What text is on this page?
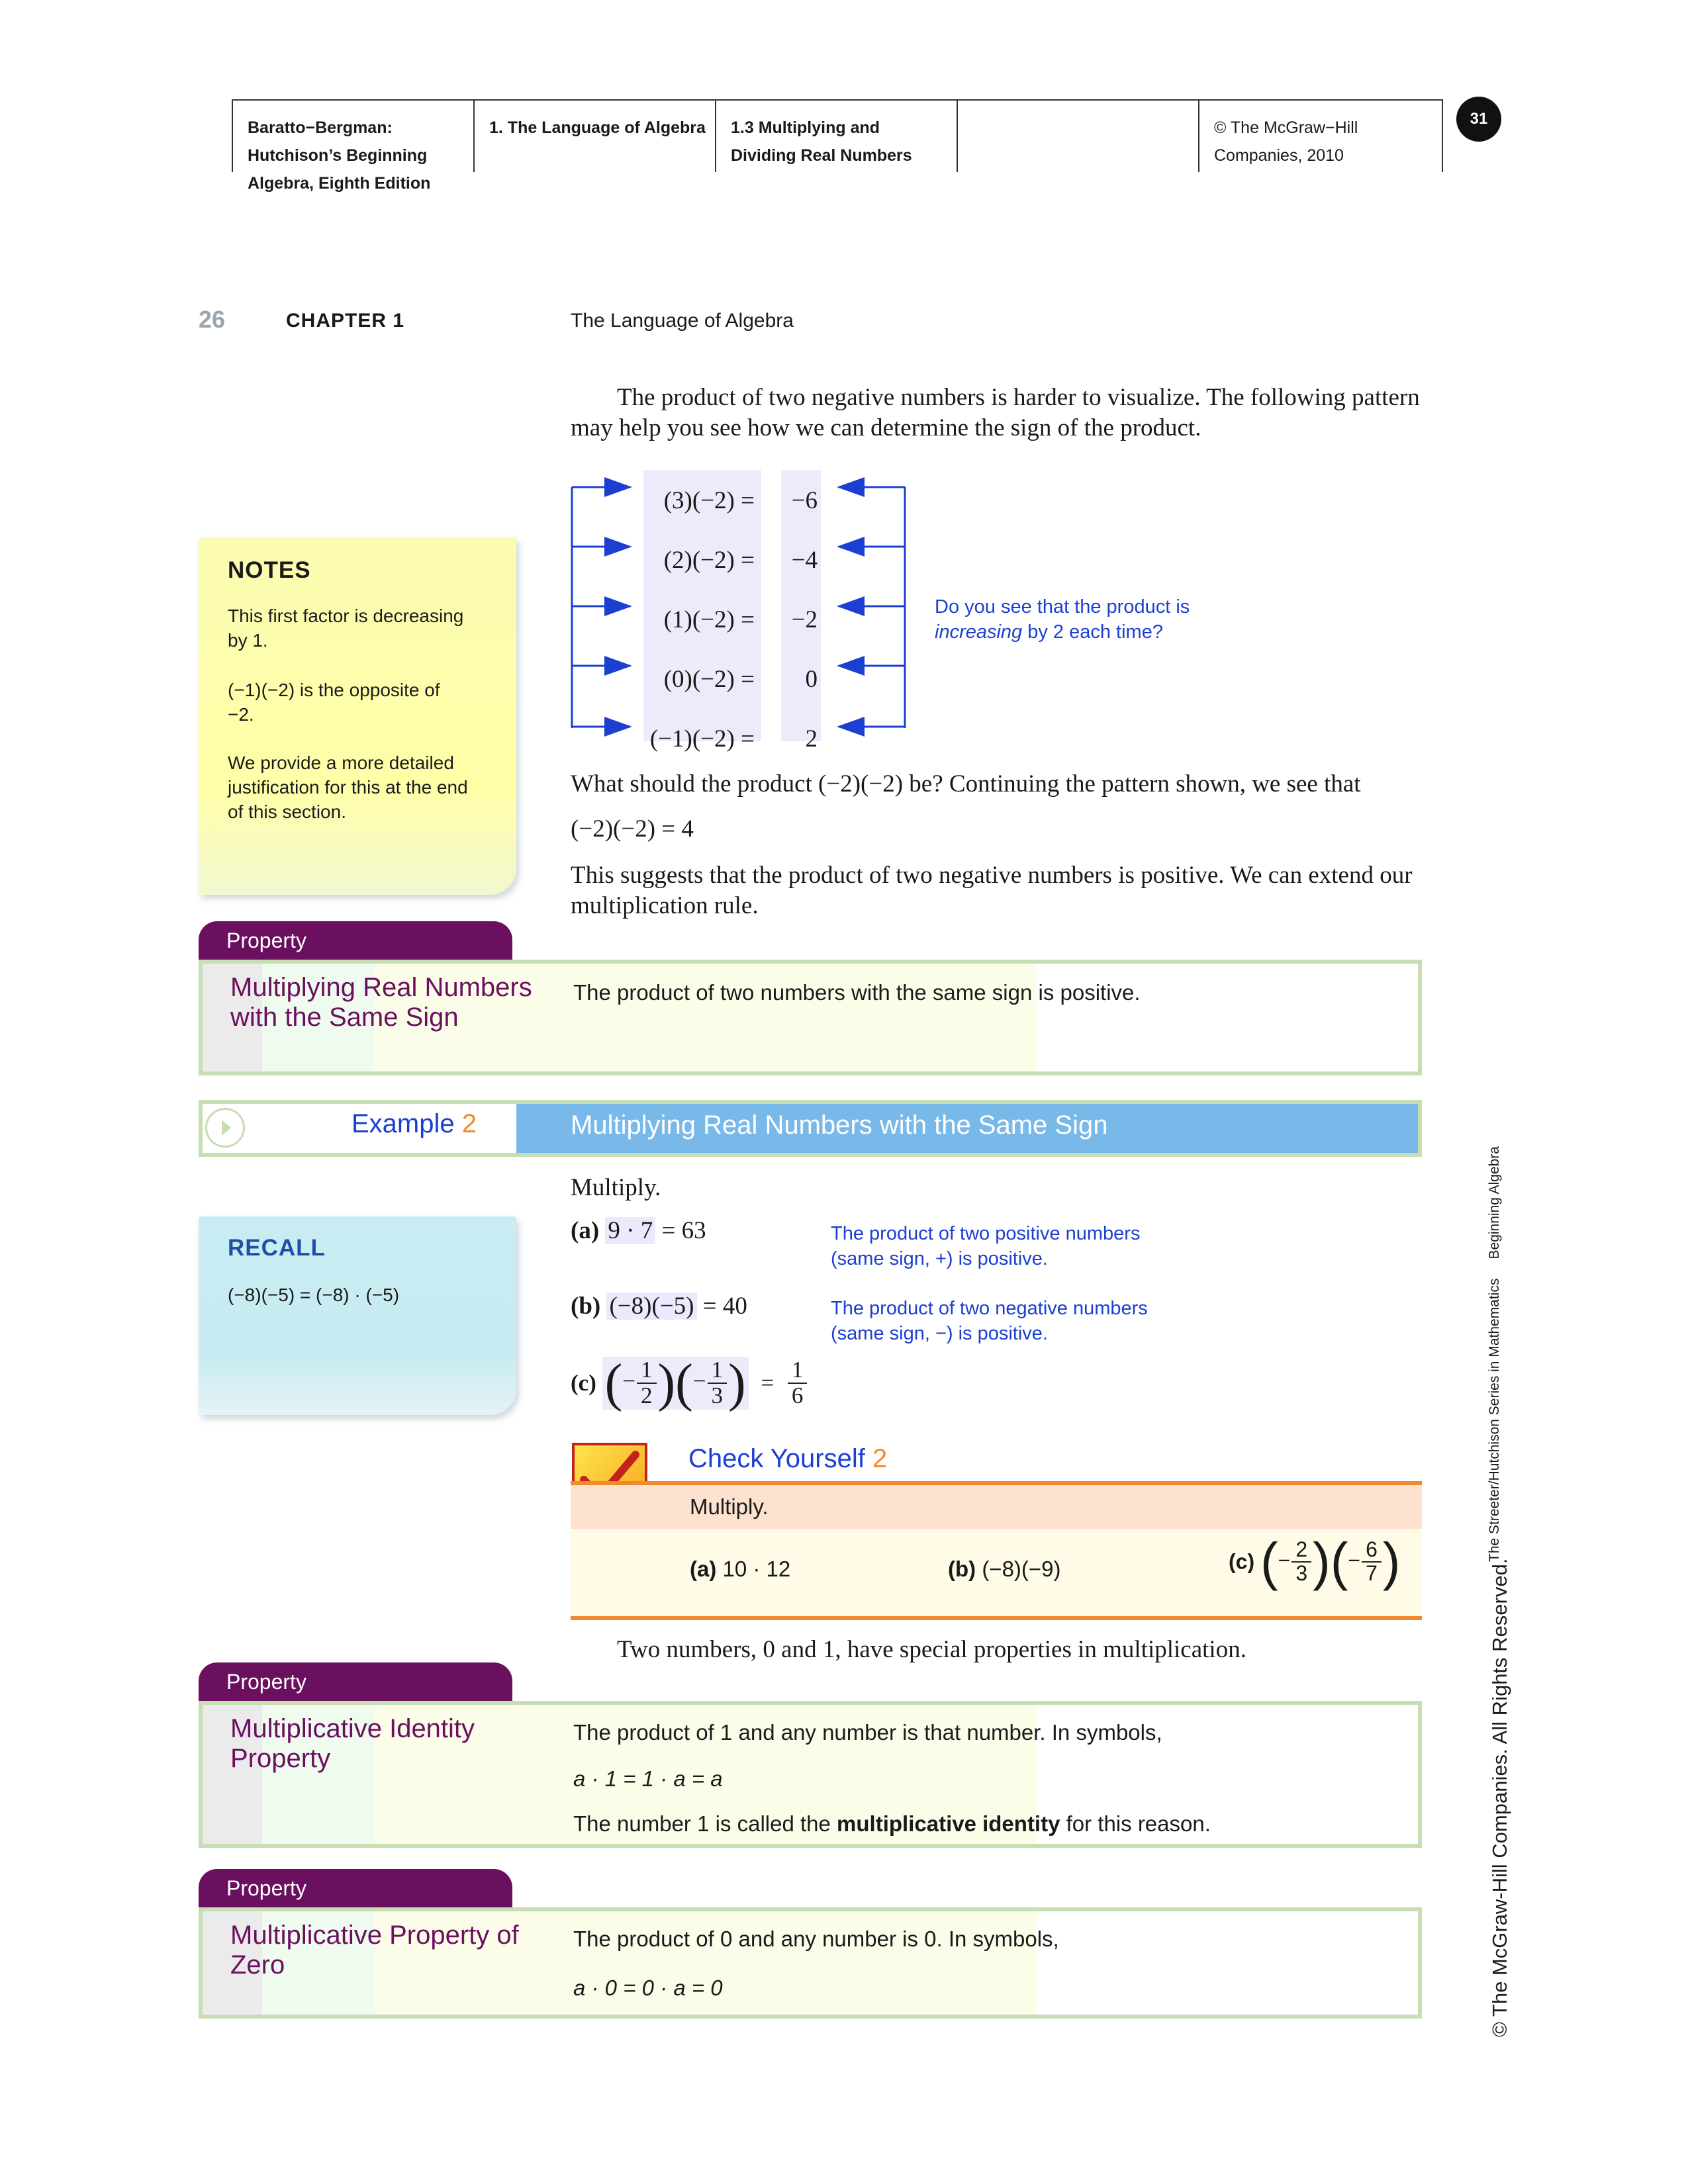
Baratto−Bergman:
Hutchison’s Beginning
Algebra, Eighth Edition
1. The Language of Algebra	1.3 Multiplying and
Dividing Real Numbers
© The McGraw−Hill
Companies, 2010
31
26	CHAPTER 1	The Language of Algebra
The product of two negative numbers is harder to visualize. The following pattern may help you see how we can determine the sign of the product.
(3)(−2) = −6
(2)(−2) = −4
(1)(−2) = −2
(0)(−2) = 0
(−1)(−2) = 2
Do you see that the product is
increasing by 2 each time?
NOTES
This first factor is decreasing by 1.
(−1)(−2) is the opposite of −2.
We provide a more detailed justification for this at the end of this section.
What should the product (−2)(−2) be? Continuing the pattern shown, we see that
(−2)(−2) = 4
This suggests that the product of two negative numbers is positive. We can extend our multiplication rule.
Property
Multiplying Real Numbers with the Same Sign
The product of two numbers with the same sign is positive.
Example 2	Multiplying Real Numbers with the Same Sign
Multiply.
(a) 9 · 7 = 63	The product of two positive numbers
(same sign, +) is positive.
(b) (−8)(−5) = 40	The product of two negative numbers
(same sign, −) is positive.
(c) (− $\frac{1}{2}$ )(− $\frac{1}{3}$ ) = $\frac{1}{6}$
RECALL
(−8)(−5) = (−8) · (−5)
Check Yourself 2
Multiply.
(a) 10 · 12	(b) (−8)(−9)	(c) (− $\frac{2}{3}$ )(− $\frac{6}{7}$ )
Two numbers, 0 and 1, have special properties in multiplication.
Property
Multiplicative Identity Property
The product of 1 and any number is that number. In symbols,
a · 1 = 1 · a = a
The number 1 is called the multiplicative identity for this reason.
Property
Multiplicative Property of Zero
The product of 0 and any number is 0. In symbols,
a · 0 = 0 · a = 0
The Streeter/Hutchison Series in Mathematics     Beginning Algebra
© The McGraw-Hill Companies. All Rights Reserved.
